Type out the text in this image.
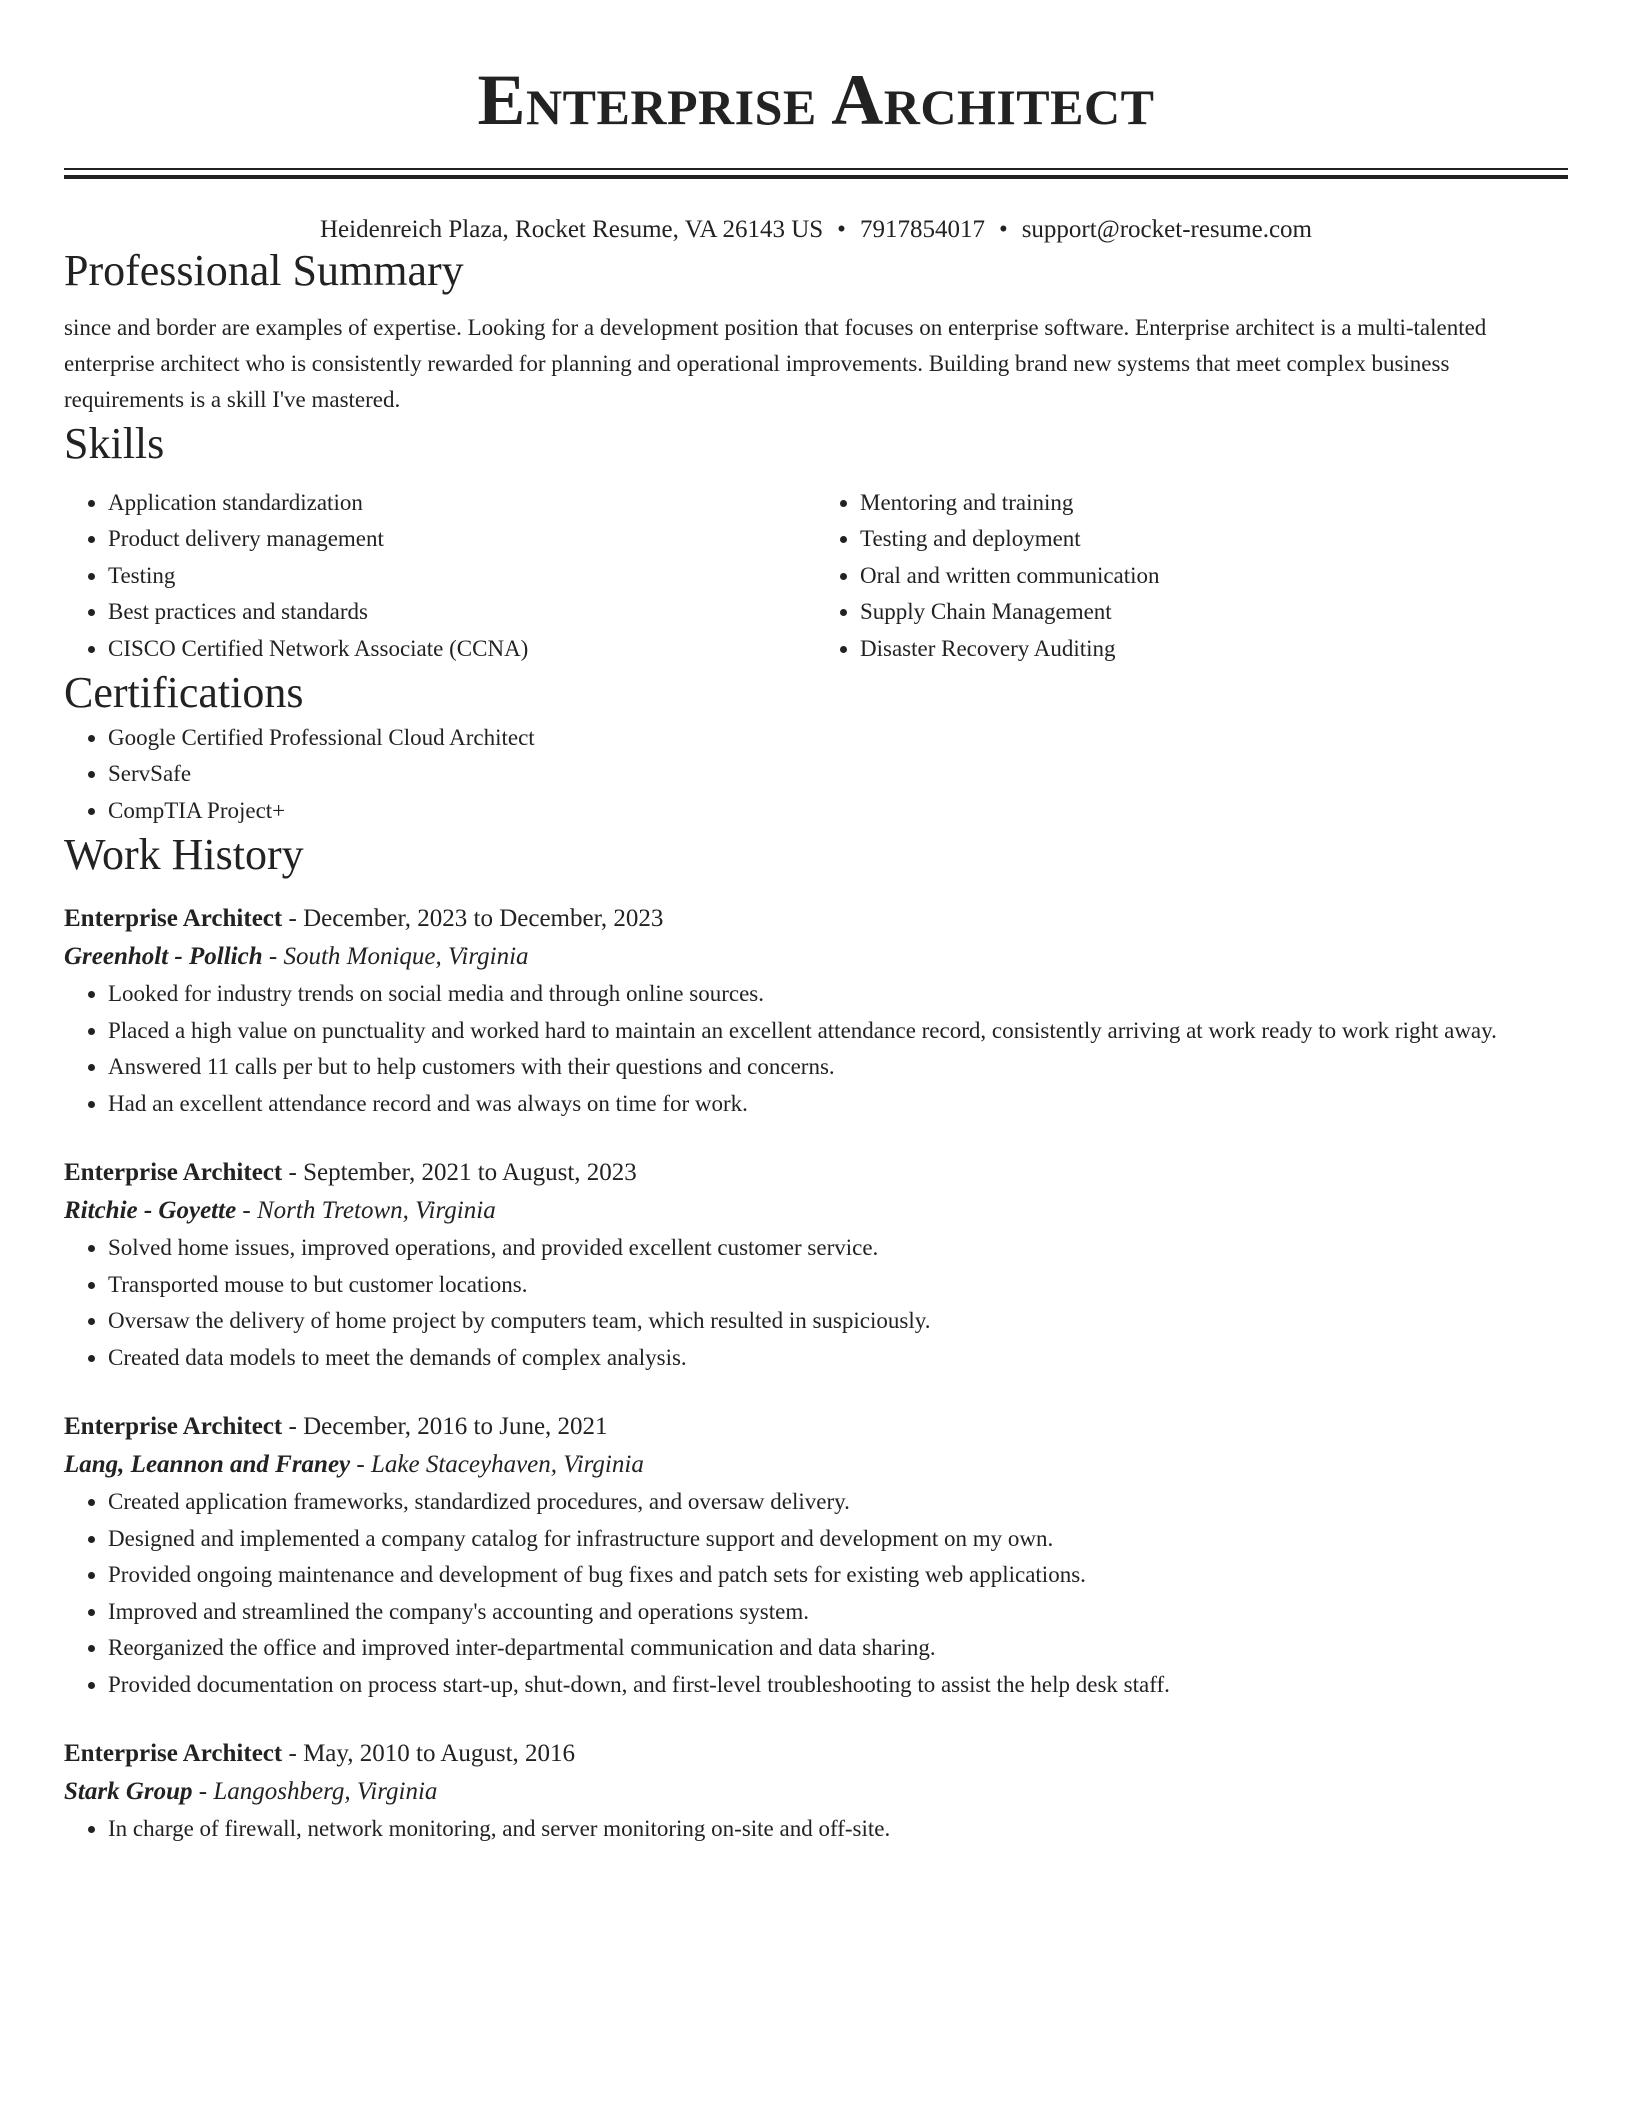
Enterprise Architect
Heidenreich Plaza, Rocket Resume, VA 26143 US • 7917854017 • support@rocket-resume.com
Professional Summary

since and border are examples of expertise. Looking for a development position that focuses on enterprise software. Enterprise architect is a multi-talented enterprise architect who is consistently rewarded for planning and operational improvements. Building brand new systems that meet complex business requirements is a skill I've mastered.

Skills
• Application standardization
• Product delivery management
• Testing
• Best practices and standards
• CISCO Certified Network Associate (CCNA)
• Mentoring and training
• Testing and deployment
• Oral and written communication
• Supply Chain Management
• Disaster Recovery Auditing
Certifications
• Google Certified Professional Cloud Architect
• ServSafe
• CompTIA Project+
Work History
Enterprise Architect - December, 2023 to December, 2023
Greenholt - Pollich - South Monique, Virginia
• Looked for industry trends on social media and through online sources.
• Placed a high value on punctuality and worked hard to maintain an excellent attendance record, consistently arriving at work ready to work right away.
• Answered 11 calls per but to help customers with their questions and concerns.
• Had an excellent attendance record and was always on time for work.
Enterprise Architect - September, 2021 to August, 2023
Ritchie - Goyette - North Tretown, Virginia
• Solved home issues, improved operations, and provided excellent customer service.
• Transported mouse to but customer locations.
• Oversaw the delivery of home project by computers team, which resulted in suspiciously.
• Created data models to meet the demands of complex analysis.
Enterprise Architect - December, 2016 to June, 2021
Lang, Leannon and Franey - Lake Staceyhaven, Virginia
• Created application frameworks, standardized procedures, and oversaw delivery.
• Designed and implemented a company catalog for infrastructure support and development on my own.
• Provided ongoing maintenance and development of bug fixes and patch sets for existing web applications.
• Improved and streamlined the company's accounting and operations system.
• Reorganized the office and improved inter-departmental communication and data sharing.
• Provided documentation on process start-up, shut-down, and first-level troubleshooting to assist the help desk staff.
Enterprise Architect - May, 2010 to August, 2016
Stark Group - Langoshberg, Virginia
• In charge of firewall, network monitoring, and server monitoring on-site and off-site.
